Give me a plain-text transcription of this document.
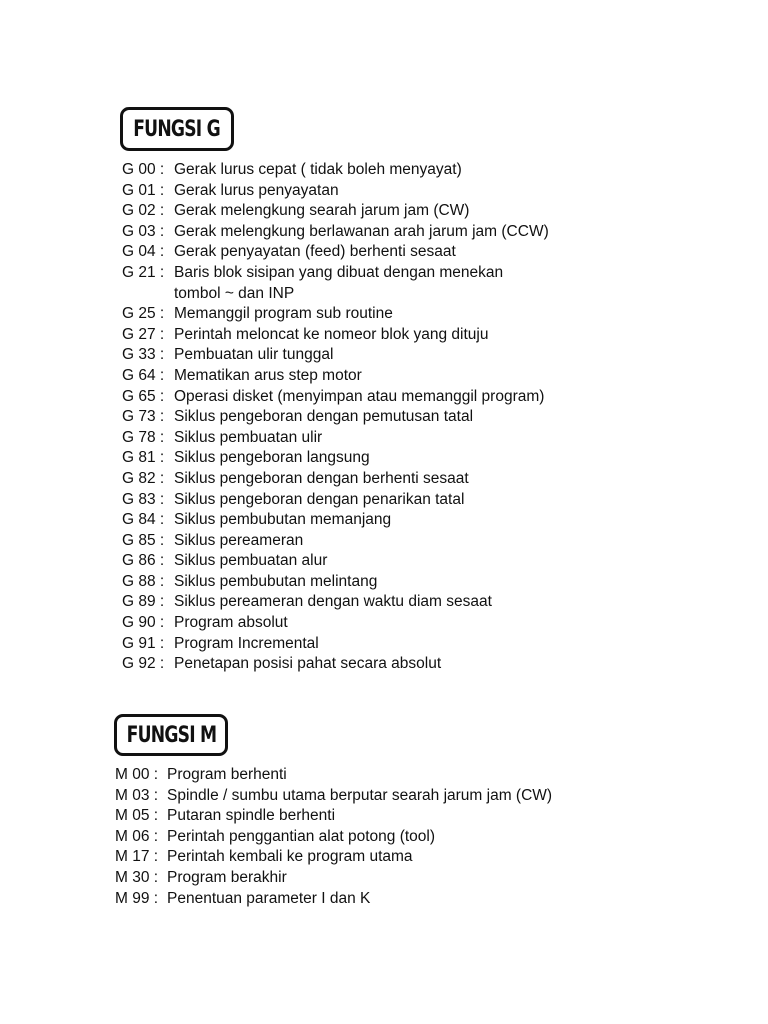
FUNGSI G
G 00 : Gerak lurus cepat ( tidak boleh menyayat)
G 01 : Gerak lurus penyayatan
G 02 : Gerak melengkung searah jarum jam (CW)
G 03 : Gerak melengkung berlawanan arah jarum jam (CCW)
G 04 : Gerak penyayatan (feed) berhenti sesaat
G 21 : Baris blok sisipan yang dibuat dengan menekan
tombol ~ dan INP
G 25 : Memanggil program sub routine
G 27 : Perintah meloncat ke nomeor blok yang dituju
G 33 : Pembuatan ulir tunggal
G 64 : Mematikan arus step motor
G 65 : Operasi disket (menyimpan atau memanggil program)
G 73 : Siklus pengeboran dengan pemutusan tatal
G 78 : Siklus pembuatan ulir
G 81 : Siklus pengeboran langsung
G 82 : Siklus pengeboran dengan berhenti sesaat
G 83 : Siklus pengeboran dengan penarikan tatal
G 84 : Siklus pembubutan memanjang
G 85 : Siklus pereameran
G 86 : Siklus pembuatan alur
G 88 : Siklus pembubutan melintang
G 89 : Siklus pereameran dengan waktu diam sesaat
G 90 : Program absolut
G 91 : Program Incremental
G 92 : Penetapan posisi pahat secara absolut
FUNGSI M
M 00 : Program berhenti
M 03 : Spindle / sumbu utama berputar searah jarum jam (CW)
M 05 : Putaran spindle berhenti
M 06 : Perintah penggantian alat potong (tool)
M 17 : Perintah kembali ke program utama
M 30 : Program berakhir
M 99 : Penentuan parameter I dan K
